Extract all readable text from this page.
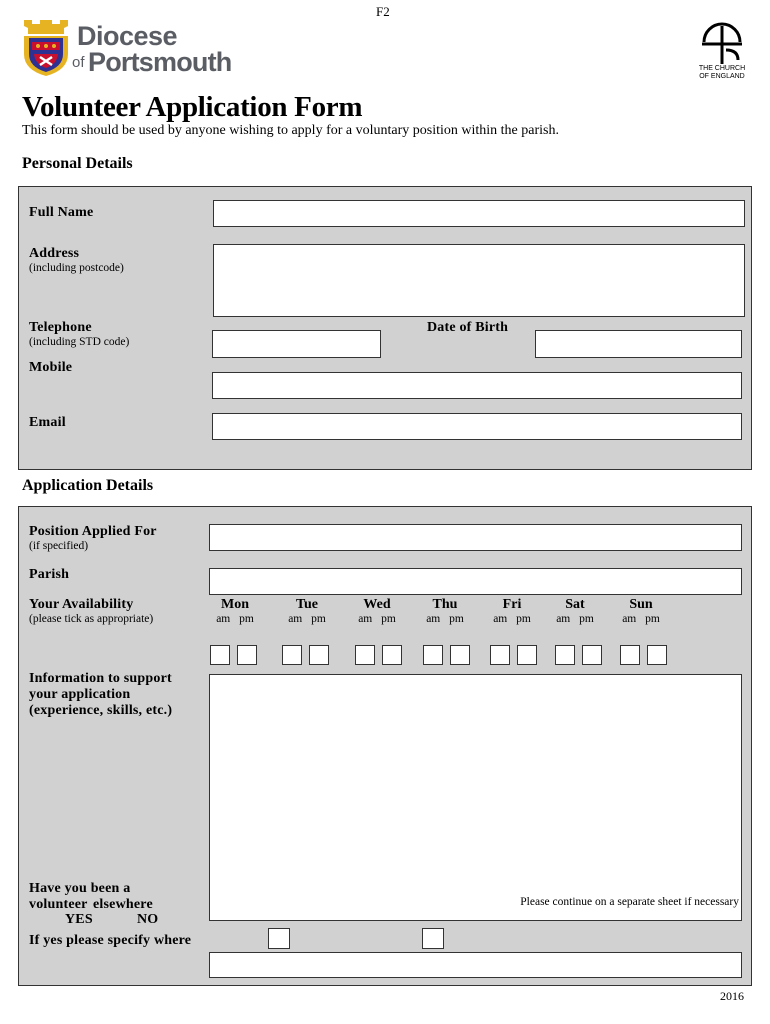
F2
Diocese
of Portsmouth	THE CHURCH
OF ENGLAND
Volunteer Application Form
This form should be used by anyone wishing to apply for a voluntary position within the parish.
Personal Details
Full Name
Address
(including postcode)
Telephone
(including STD code)
Date of Birth
Mobile
Email
Application Details
Position Applied For
(if specified)
Parish
Your Availability
(please tick as appropriate)
Mon
am pm
Tue
am pm
Wed
am pm
Thu
am pm
Fri
am pm
Sat
am pm
Sun
am pm
Information to support
your application
(experience, skills, etc.)
Please continue on a separate sheet if necessary
Have you been a
volunteer elsewhere
YES	NO
If yes please specify where
2016
